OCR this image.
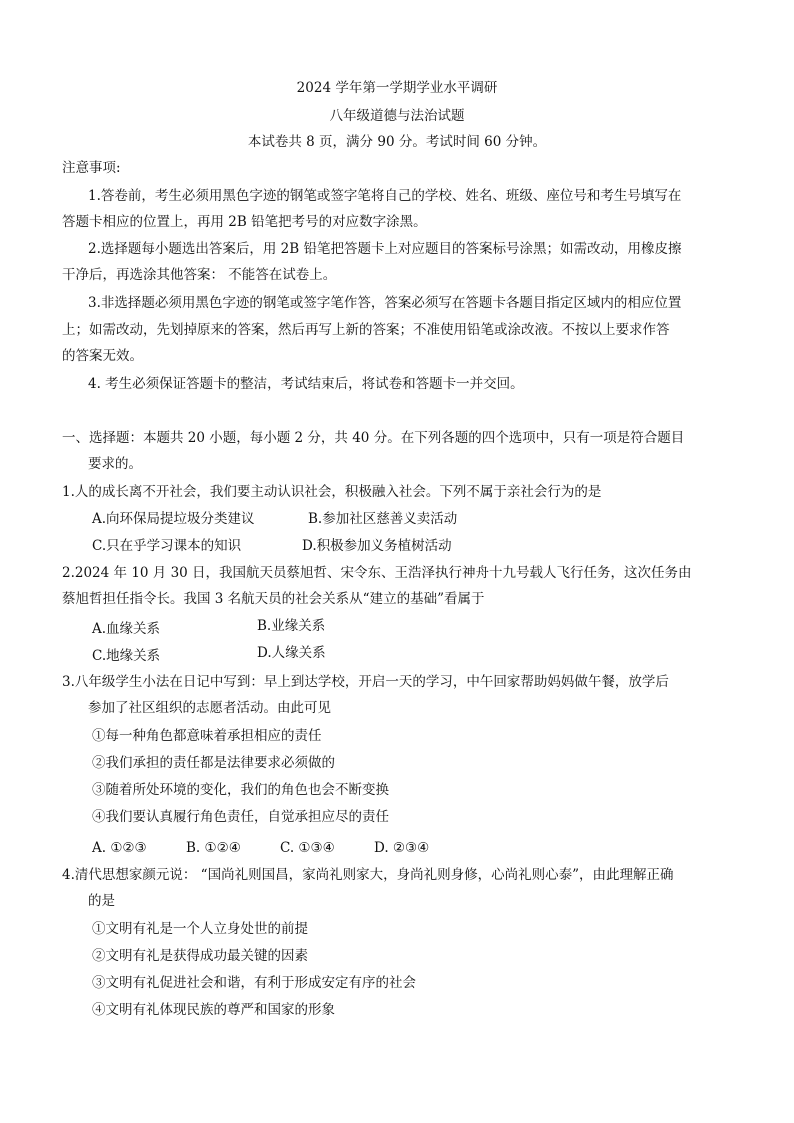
2024 学年第一学期学业水平调研
八年级道德与法治试题
本试卷共 8 页，满分 90 分。考试时间 60 分钟。
注意事项:
1.答卷前，考生必须用黑色字迹的钢笔或签字笔将自己的学校、姓名、班级、座位号和考生号填写在
答题卡相应的位置上，再用 2B 铅笔把考号的对应数字涂黑。
2.选择题每小题选出答案后，用 2B 铅笔把答题卡上对应题目的答案标号涂黑；如需改动，用橡皮擦
干净后，再选涂其他答案： 不能答在试卷上。
3.非选择题必须用黑色字迹的钢笔或签字笔作答，答案必须写在答题卡各题目指定区域内的相应位置
上；如需改动，先划掉原来的答案，然后再写上新的答案；不准使用铅笔或涂改液。不按以上要求作答
的答案无效。
4. 考生必须保证答题卡的整洁，考试结束后，将试卷和答题卡一并交回。
一、选择题：本题共 20 小题，每小题 2 分，共 40 分。在下列各题的四个选项中，只有一项是符合题目
要求的。
1.人的成长离不开社会，我们要主动认识社会，积极融入社会。下列不属于亲社会行为的是
A.向环保局提垃圾分类建议	B.参加社区慈善义卖活动
C.只在乎学习课本的知识	D.积极参加义务植树活动
2.2024 年 10 月 30 日，我国航天员蔡旭哲、宋令东、王浩泽执行神舟十九号载人飞行任务，这次任务由
蔡旭哲担任指令长。我国 3 名航天员的社会关系从“建立的基础”看属于
A.血缘关系	B.业缘关系
C.地缘关系	D.人缘关系
3.八年级学生小法在日记中写到：早上到达学校，开启一天的学习，中午回家帮助妈妈做午餐，放学后
参加了社区组织的志愿者活动。由此可见
①每一种角色都意味着承担相应的责任
②我们承担的责任都是法律要求必须做的
③随着所处环境的变化，我们的角色也会不断变换
④我们要认真履行角色责任，自觉承担应尽的责任
A. ①②③	B. ①②④	C. ①③④	D. ②③④
4.清代思想家颜元说： “国尚礼则国昌，家尚礼则家大，身尚礼则身修，心尚礼则心泰”，由此理解正确
的是
①文明有礼是一个人立身处世的前提
②文明有礼是获得成功最关键的因素
③文明有礼促进社会和谐，有利于形成安定有序的社会
④文明有礼体现民族的尊严和国家的形象
